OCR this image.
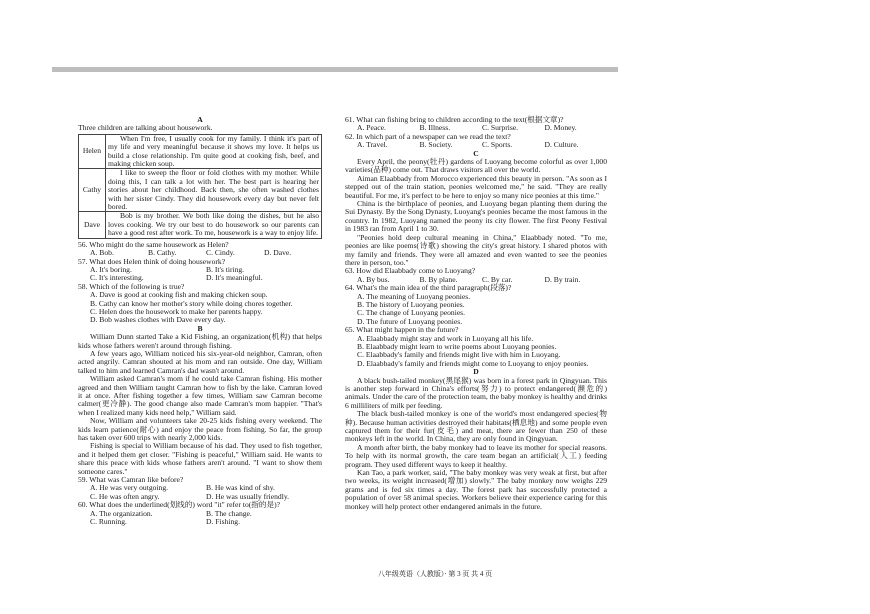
A

Three children are talking about housework.

Helen	When I'm free, I usually cook for my family. I think it's part of my life and very meaningful because it shows my love. It helps us build a close relationship. I'm quite good at cooking fish, beef, and making chicken soup.
Cathy	I like to sweep the floor or fold clothes with my mother. While doing this, I can talk a lot with her. The best part is hearing her stories about her childhood. Back then, she often washed clothes with her sister Cindy. They did housework every day but never felt bored.
Dave	Bob is my brother. We both like doing the dishes, but he also loves cooking. We try our best to do housework so our parents can have a good rest after work. To me, housework is a way to enjoy life.

56. Who might do the same housework as Helen?

A. Bob.	B. Cathy.	C. Cindy.	D. Dave.

57. What does Helen think of doing housework?

A. It's boring.	B. It's tiring.
C. It's interesting.	D. It's meaningful.

58. Which of the following is true?

A. Dave is good at cooking fish and making chicken soup.

B. Cathy can know her mother's story while doing chores together.

C. Helen does the housework to make her parents happy.

D. Bob washes clothes with Dave every day.

B

William Dunn started Take a Kid Fishing, an organization(机构) that helps kids whose fathers weren't around through fishing.

A few years ago, William noticed his six-year-old neighbor, Camran, often acted angrily. Camran shouted at his mom and ran outside. One day, William talked to him and learned Camran's dad wasn't around.

William asked Camran's mom if he could take Camran fishing. His mother agreed and then William taught Camran how to fish by the lake. Camran loved it at once. After fishing together a few times, William saw Camran become calmer(更冷静). The good change also made Camran's mom happier. "That's when I realized many kids need help," William said.

Now, William and volunteers take 20-25 kids fishing every weekend. The kids learn patience(耐心) and enjoy the peace from fishing. So far, the group has taken over 600 trips with nearly 2,000 kids.

Fishing is special to William because of his dad. They used to fish together, and it helped them get closer. "Fishing is peaceful," William said. He wants to share this peace with kids whose fathers aren't around. "I want to show them someone cares."

59. What was Camran like before?

A. He was very outgoing.	B. He was kind of shy.
C. He was often angry.	D. He was usually friendly.

60. What does the underlined(划线的) word "it" refer to(指的是)?

A. The organization.	B. The change.
C. Running.	D. Fishing.

61. What can fishing bring to children according to the text(根据文章)?

A. Peace.	B. Illness.	C. Surprise.	D. Money.

62. In which part of a newspaper can we read the text?

A. Travel.	B. Society.	C. Sports.	D. Culture.

C

Every April, the peony(牡丹) gardens of Luoyang become colorful as over 1,000 varieties(品种) come out. That draws visitors all over the world.

Aiman Elaabbady from Morocco experienced this beauty in person. "As soon as I stepped out of the train station, peonies welcomed me," he said. "They are really beautiful. For me, it's perfect to be here to enjoy so many nice peonies at this time."

China is the birthplace of peonies, and Luoyang began planting them during the Sui Dynasty. By the Song Dynasty, Luoyang's peonies became the most famous in the country. In 1982, Luoyang named the peony its city flower. The first Peony Festival in 1983 ran from April 1 to 30.

"Peonies hold deep cultural meaning in China," Elaabbady noted. "To me, peonies are like poems(诗歌) showing the city's great history. I shared photos with my family and friends. They were all amazed and even wanted to see the peonies there in person, too."

63. How did Elaabbady come to Luoyang?

A. By bus.	B. By plane.	C. By car.	D. By train.

64. What's the main idea of the third paragraph(段落)?

A. The meaning of Luoyang peonies.

B. The history of Luoyang peonies.

C. The change of Luoyang peonies.

D. The future of Luoyang peonies.

65. What might happen in the future?

A. Elaabbady might stay and work in Luoyang all his life.

B. Elaabbady might learn to write poems about Luoyang peonies.

C. Elaabbady's family and friends might live with him in Luoyang.

D. Elaabbady's family and friends might come to Luoyang to enjoy peonies.

D

A black bush-tailed monkey(黑尾猴) was born in a forest park in Qingyuan. This is another step forward in China's efforts(努力) to protect endangered(濒危的) animals. Under the care of the protection team, the baby monkey is healthy and drinks 6 milliliters of milk per feeding.

The black bush-tailed monkey is one of the world's most endangered species(物种). Because human activities destroyed their habitats(栖息地) and some people even captured them for their fur(皮毛) and meat, there are fewer than 250 of these monkeys left in the world. In China, they are only found in Qingyuan.

A month after birth, the baby monkey had to leave its mother for special reasons. To help with its normal growth, the care team began an artificial(人工) feeding program. They used different ways to keep it healthy.

Kan Tao, a park worker, said, "The baby monkey was very weak at first, but after two weeks, its weight increased(增加) slowly." The baby monkey now weighs 229 grams and is fed six times a day. The forest park has successfully protected a population of over 58 animal species. Workers believe their experience caring for this monkey will help protect other endangered animals in the future.

八年级英语（人教版）· 第 3 页 共 4 页
